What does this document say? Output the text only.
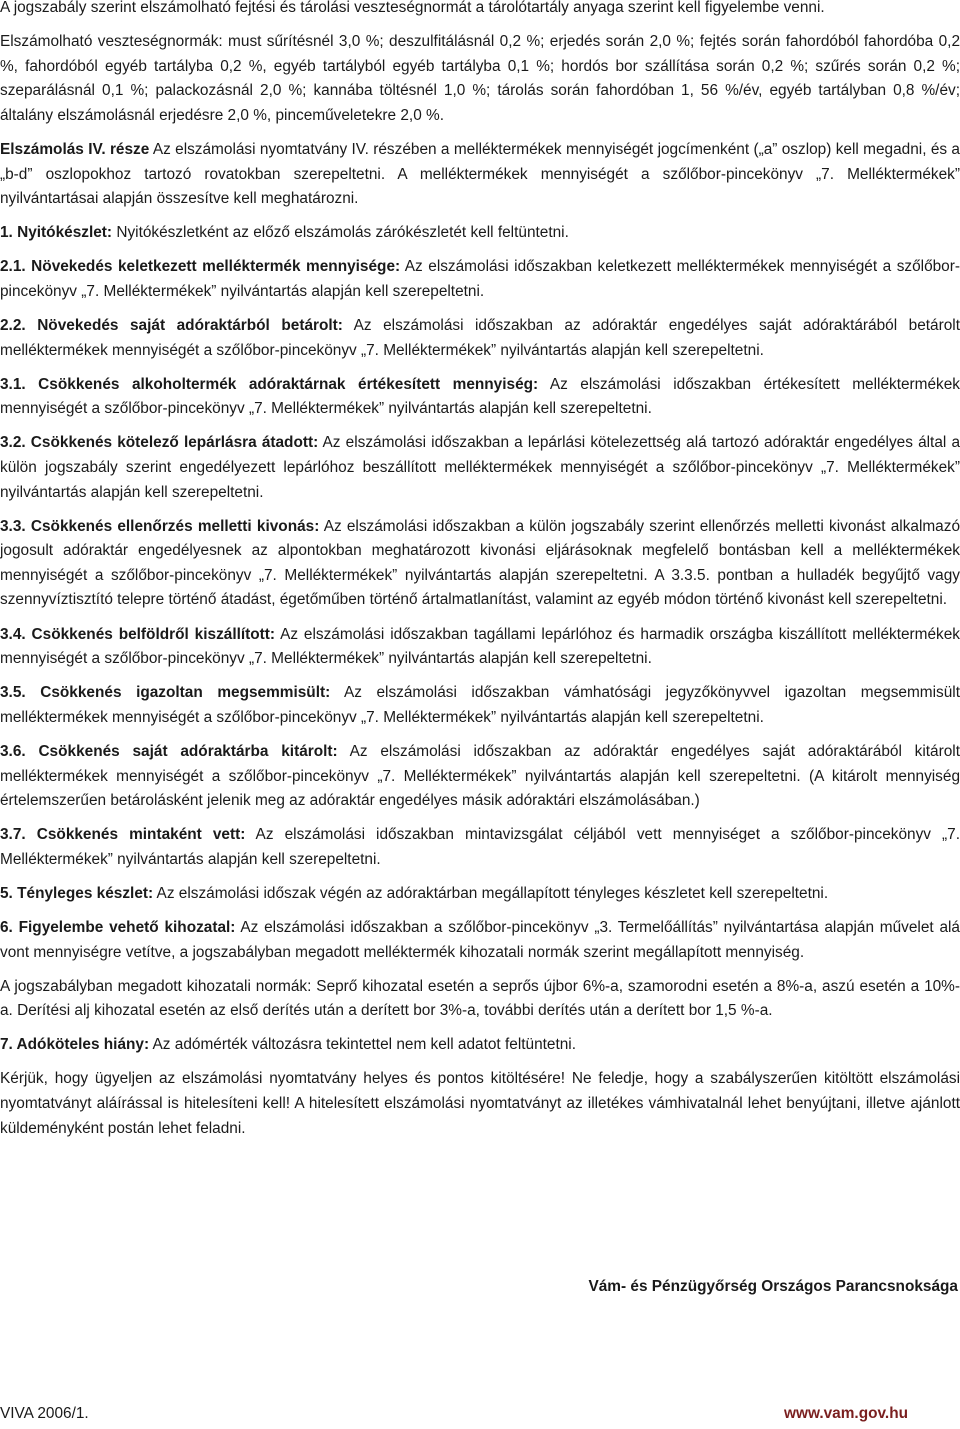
A jogszabály szerint elszámolható fejtési és tárolási veszteségnormát a tárolótartály anyaga szerint kell figyelembe venni.

Elszámolható veszteségnormák: must sűrítésnél 3,0 %; deszulfitálásnál 0,2 %; erjedés során 2,0 %; fejtés során fahordóból fahordóba 0,2 %, fahordóból egyéb tartályba 0,2 %, egyéb tartályból egyéb tartályba 0,1 %; hordós bor szállítása során 0,2 %; szűrés során 0,2 %; szeparálásnál 0,1 %; palackozásnál 2,0 %; kannába töltésnél 1,0 %; tárolás során fahordóban 1, 56 %/év, egyéb tartályban 0,8 %/év; általány elszámolásnál erjedésre 2,0 %, pinceműveletekre 2,0 %.

Elszámolás IV. része Az elszámolási nyomtatvány IV. részében a melléktermékek mennyiségét jogcímenként („a” oszlop) kell megadni, és a „b-d” oszlopokhoz tartozó rovatokban szerepeltetni. A melléktermékek mennyiségét a szőlőbor-pincekönyv „7. Melléktermékek” nyilvántartásai alapján összesítve kell meghatározni.

1. Nyitókészlet: Nyitókészletként az előző elszámolás zárókészletét kell feltüntetni.

2.1. Növekedés keletkezett melléktermék mennyisége: Az elszámolási időszakban keletkezett melléktermékek mennyiségét a szőlőbor-pincekönyv „7. Melléktermékek” nyilvántartás alapján kell szerepeltetni.

2.2. Növekedés saját adóraktárból betárolt: Az elszámolási időszakban az adóraktár engedélyes saját adóraktárából betárolt melléktermékek mennyiségét a szőlőbor-pincekönyv „7. Melléktermékek” nyilvántartás alapján kell szerepeltetni.

3.1. Csökkenés alkoholtermék adóraktárnak értékesített mennyiség: Az elszámolási időszakban értékesített melléktermékek mennyiségét a szőlőbor-pincekönyv „7. Melléktermékek” nyilvántartás alapján kell szerepeltetni.

3.2. Csökkenés kötelező lepárlásra átadott: Az elszámolási időszakban a lepárlási kötelezettség alá tartozó adóraktár engedélyes által a külön jogszabály szerint engedélyezett lepárlóhoz beszállított melléktermékek mennyiségét a szőlőbor-pincekönyv „7. Melléktermékek” nyilvántartás alapján kell szerepeltetni.

3.3. Csökkenés ellenőrzés melletti kivonás: Az elszámolási időszakban a külön jogszabály szerint ellenőrzés melletti kivonást alkalmazó jogosult adóraktár engedélyesnek az alpontokban meghatározott kivonási eljárásoknak megfelelő bontásban kell a melléktermékek mennyiségét a szőlőbor-pincekönyv „7. Melléktermékek” nyilvántartás alapján szerepeltetni. A 3.3.5. pontban a hulladék begyűjtő vagy szennyvíztisztító telepre történő átadást, égetőműben történő ártalmatlanítást, valamint az egyéb módon történő kivonást kell szerepeltetni.

3.4. Csökkenés belföldről kiszállított: Az elszámolási időszakban tagállami lepárlóhoz és harmadik országba kiszállított melléktermékek mennyiségét a szőlőbor-pincekönyv „7. Melléktermékek” nyilvántartás alapján kell szerepeltetni.

3.5. Csökkenés igazoltan megsemmisült: Az elszámolási időszakban vámhatósági jegyzőkönyvvel igazoltan megsemmisült melléktermékek mennyiségét a szőlőbor-pincekönyv „7. Melléktermékek” nyilvántartás alapján kell szerepeltetni.

3.6. Csökkenés saját adóraktárba kitárolt: Az elszámolási időszakban az adóraktár engedélyes saját adóraktárából kitárolt melléktermékek mennyiségét a szőlőbor-pincekönyv „7. Melléktermékek” nyilvántartás alapján kell szerepeltetni. (A kitárolt mennyiség értelemszerűen betárolásként jelenik meg az adóraktár engedélyes másik adóraktári elszámolásában.)

3.7. Csökkenés mintaként vett: Az elszámolási időszakban mintavizsgálat céljából vett mennyiséget a szőlőbor-pincekönyv „7. Melléktermékek” nyilvántartás alapján kell szerepeltetni.

5. Tényleges készlet: Az elszámolási időszak végén az adóraktárban megállapított tényleges készletet kell szerepeltetni.

6. Figyelembe vehető kihozatal: Az elszámolási időszakban a szőlőbor-pincekönyv „3. Termelőállítás” nyilvántartása alapján művelet alá vont mennyiségre vetítve, a jogszabályban megadott melléktermék kihozatali normák szerint megállapított mennyiség.

A jogszabályban megadott kihozatali normák: Seprő kihozatal esetén a seprős újbor 6%-a, szamorodni esetén a 8%-a, aszú esetén a 10%-a. Derítési alj kihozatal esetén az első derítés után a derített bor 3%-a, további derítés után a derített bor 1,5 %-a.

7. Adóköteles hiány: Az adómérték változásra tekintettel nem kell adatot feltüntetni.

Kérjük, hogy ügyeljen az elszámolási nyomtatvány helyes és pontos kitöltésére! Ne feledje, hogy a szabályszerűen kitöltött elszámolási nyomtatványt aláírással is hitelesíteni kell! A hitelesített elszámolási nyomtatványt az illetékes vámhivatalnál lehet benyújtani, illetve ajánlott küldeményként postán lehet feladni.

Vám- és Pénzügyőrség Országos Parancsnoksága
VIVA 2006/1.	www.vam.gov.hu
